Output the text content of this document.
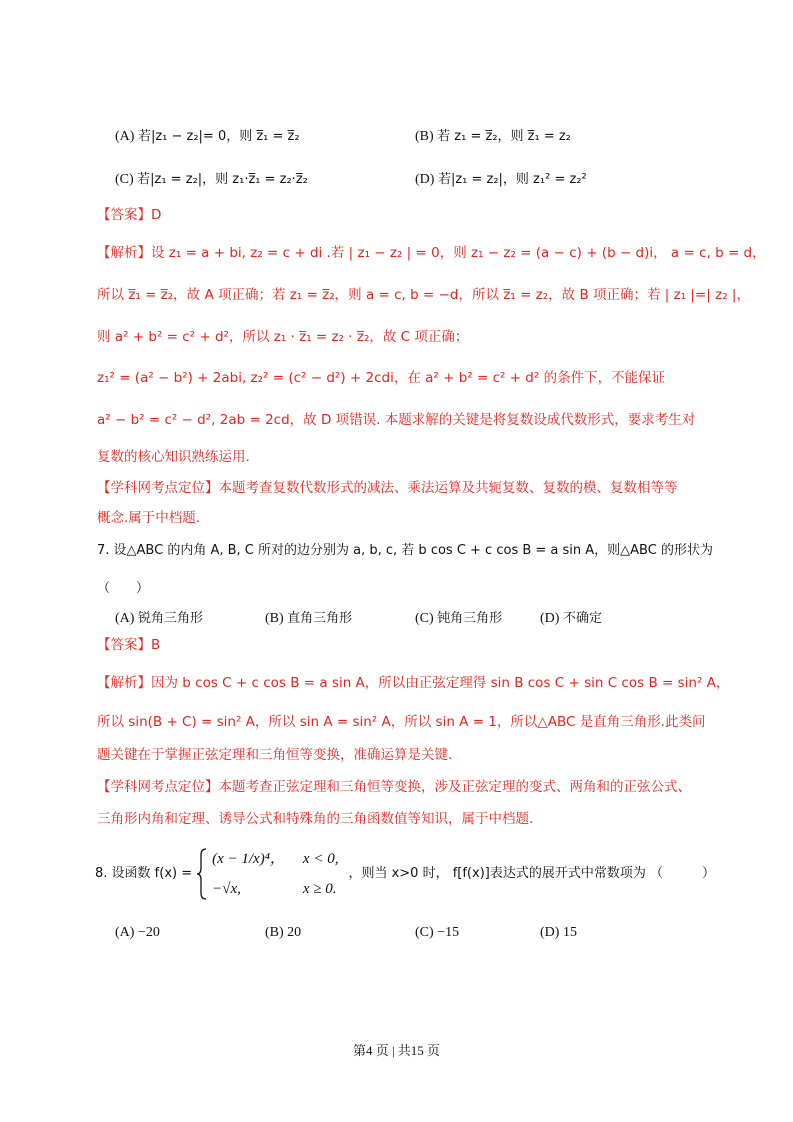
(A) 若|z₁ − z₂|= 0，则 z̅₁ = z̅₂	(B) 若 z₁ = z̅₂，则 z̅₁ = z₂
(C) 若|z₁ = z₂|，则 z₁·z̅₁ = z₂·z̅₂	(D) 若|z₁ = z₂|，则 z₁² = z₂²
【答案】D
【解析】设 z₁ = a + bi, z₂ = c + di .若 | z₁ − z₂ | = 0，则 z₁ − z₂ = (a − c) + (b − d)i， a = c, b = d，
所以 z̅₁ = z̅₂，故 A 项正确；若 z₁ = z̅₂，则 a = c, b = −d，所以 z̅₁ = z₂，故 B 项正确；若 | z₁ |=| z₂ |，
则 a² + b² = c² + d²，所以 z₁ · z̅₁ = z₂ · z̅₂，故 C 项正确；
z₁² = (a² − b²) + 2abi, z₂² = (c² − d²) + 2cdi，在 a² + b² = c² + d² 的条件下，不能保证
a² − b² = c² − d², 2ab = 2cd，故 D 项错误. 本题求解的关键是将复数设成代数形式，要求考生对
复数的核心知识熟练运用.
【学科网考点定位】本题考查复数代数形式的减法、乘法运算及共轭复数、复数的模、复数相等等
概念.属于中档题.
7. 设△ABC 的内角 A, B, C 所对的边分别为 a, b, c, 若 b cos C + c cos B = a sin A，则△ABC 的形状为
（　　）
(A) 锐角三角形	(B) 直角三角形	(C) 钝角三角形	(D) 不确定
【答案】B
【解析】因为 b cos C + c cos B = a sin A，所以由正弦定理得 sin B cos C + sin C cos B = sin² A，
所以 sin(B + C) = sin² A，所以 sin A = sin² A，所以 sin A = 1，所以△ABC 是直角三角形.此类问
题关键在于掌握正弦定理和三角恒等变换，准确运算是关键.
【学科网考点定位】本题考查正弦定理和三角恒等变换，涉及正弦定理的变式、两角和的正弦公式、
三角形内角和定理、诱导公式和特殊角的三角函数值等知识，属于中档题.
8. 设函数 f(x) =
(x − 1/x)⁴， x < 0,
−√x,	x ≥ 0.
，则当 x>0 时， f[f(x)]表达式的展开式中常数项为 （　　　）
(A) −20	(B) 20	(C) −15	(D) 15
第4 页 | 共15 页
